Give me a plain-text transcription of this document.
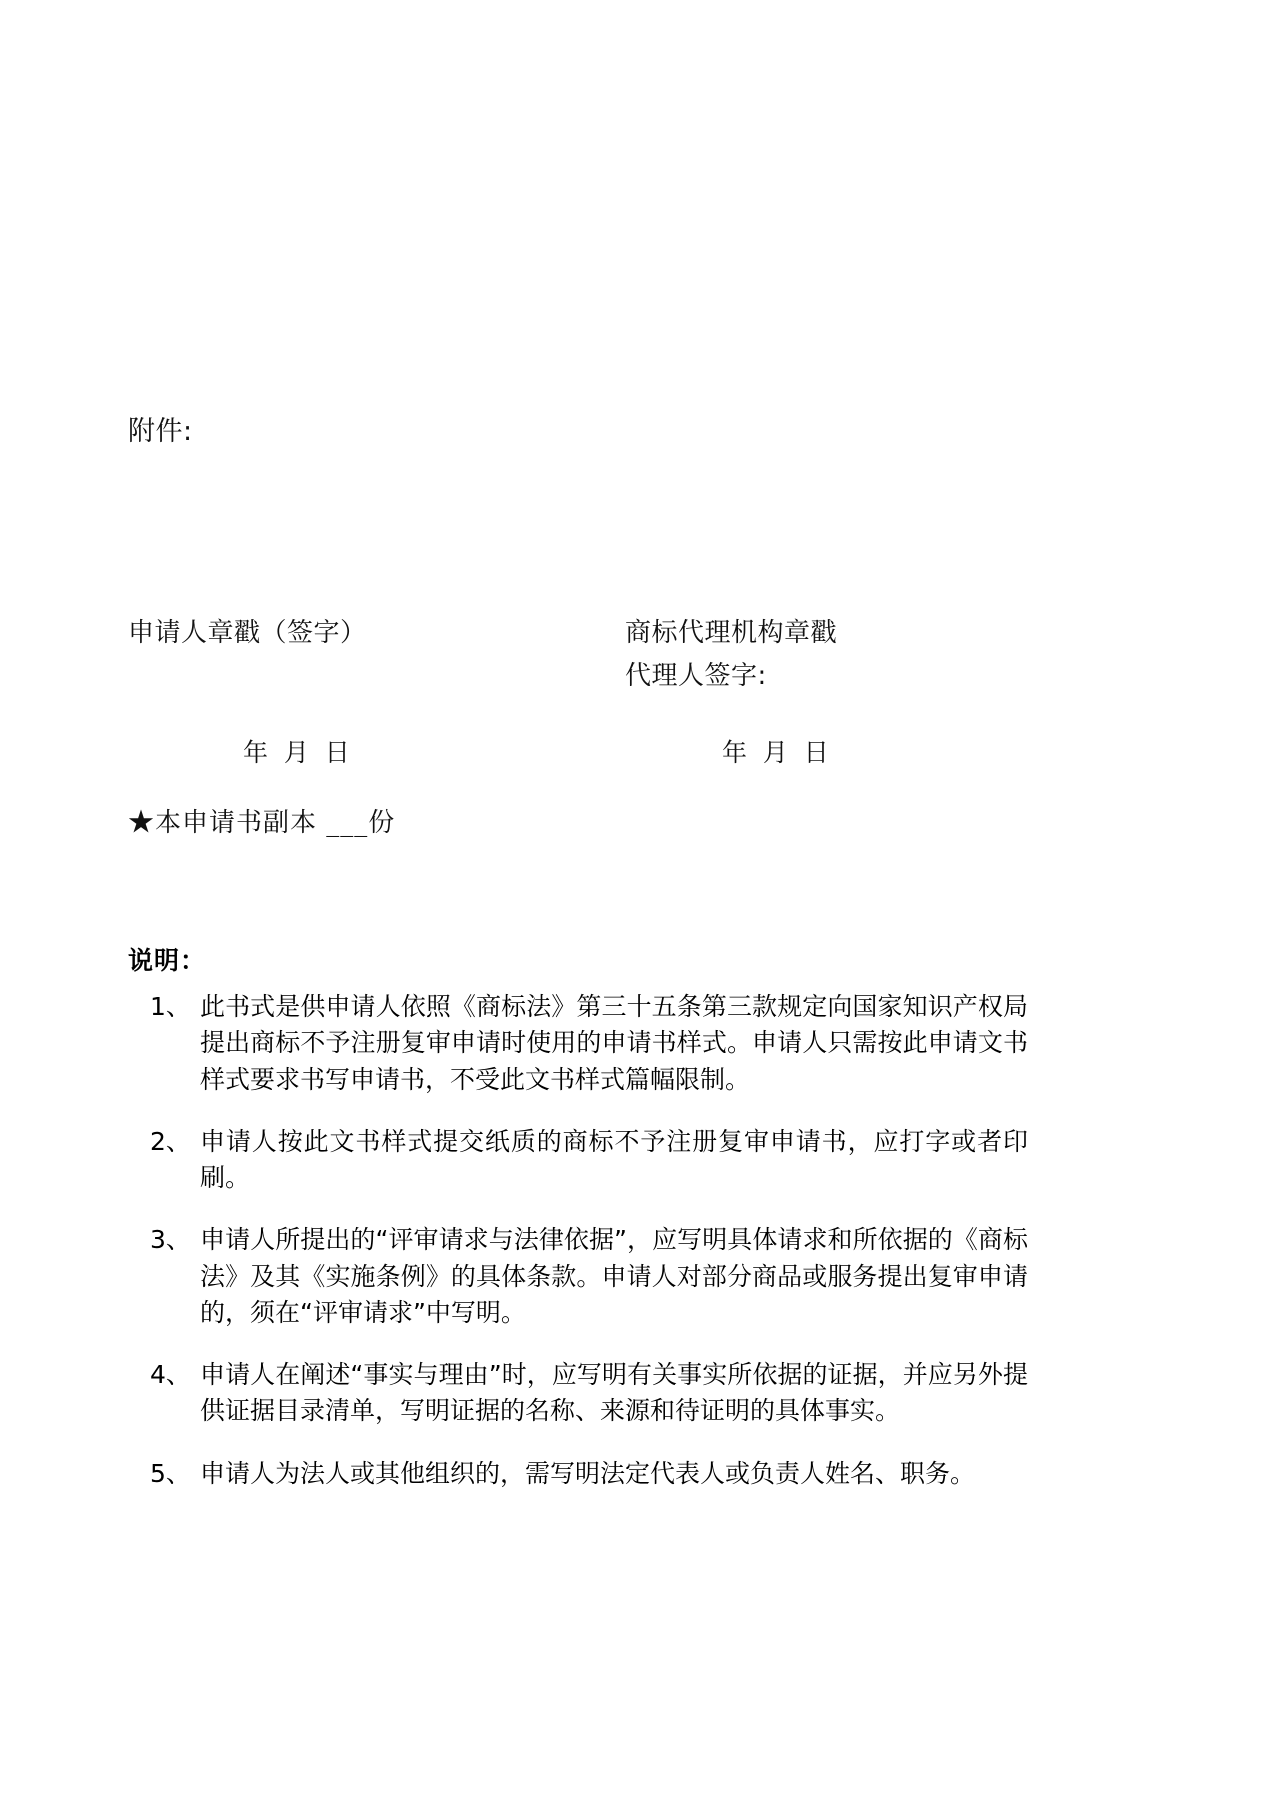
附件:
申请人章戳（签字）	商标代理机构章戳
代理人签字:
年  月  日	年  月  日
★本申请书副本 ___份
说明：
1、 此书式是供申请人依照《商标法》第三十五条第三款规定向国家知识产权局提出商标不予注册复审申请时使用的申请书样式。申请人只需按此申请文书样式要求书写申请书，不受此文书样式篇幅限制。
2、 申请人按此文书样式提交纸质的商标不予注册复审申请书，应打字或者印刷。
3、 申请人所提出的“评审请求与法律依据”，应写明具体请求和所依据的《商标法》及其《实施条例》的具体条款。申请人对部分商品或服务提出复审申请的，须在“评审请求”中写明。
4、 申请人在阐述“事实与理由”时，应写明有关事实所依据的证据，并应另外提供证据目录清单，写明证据的名称、来源和待证明的具体事实。
5、 申请人为法人或其他组织的，需写明法定代表人或负责人姓名、职务。
